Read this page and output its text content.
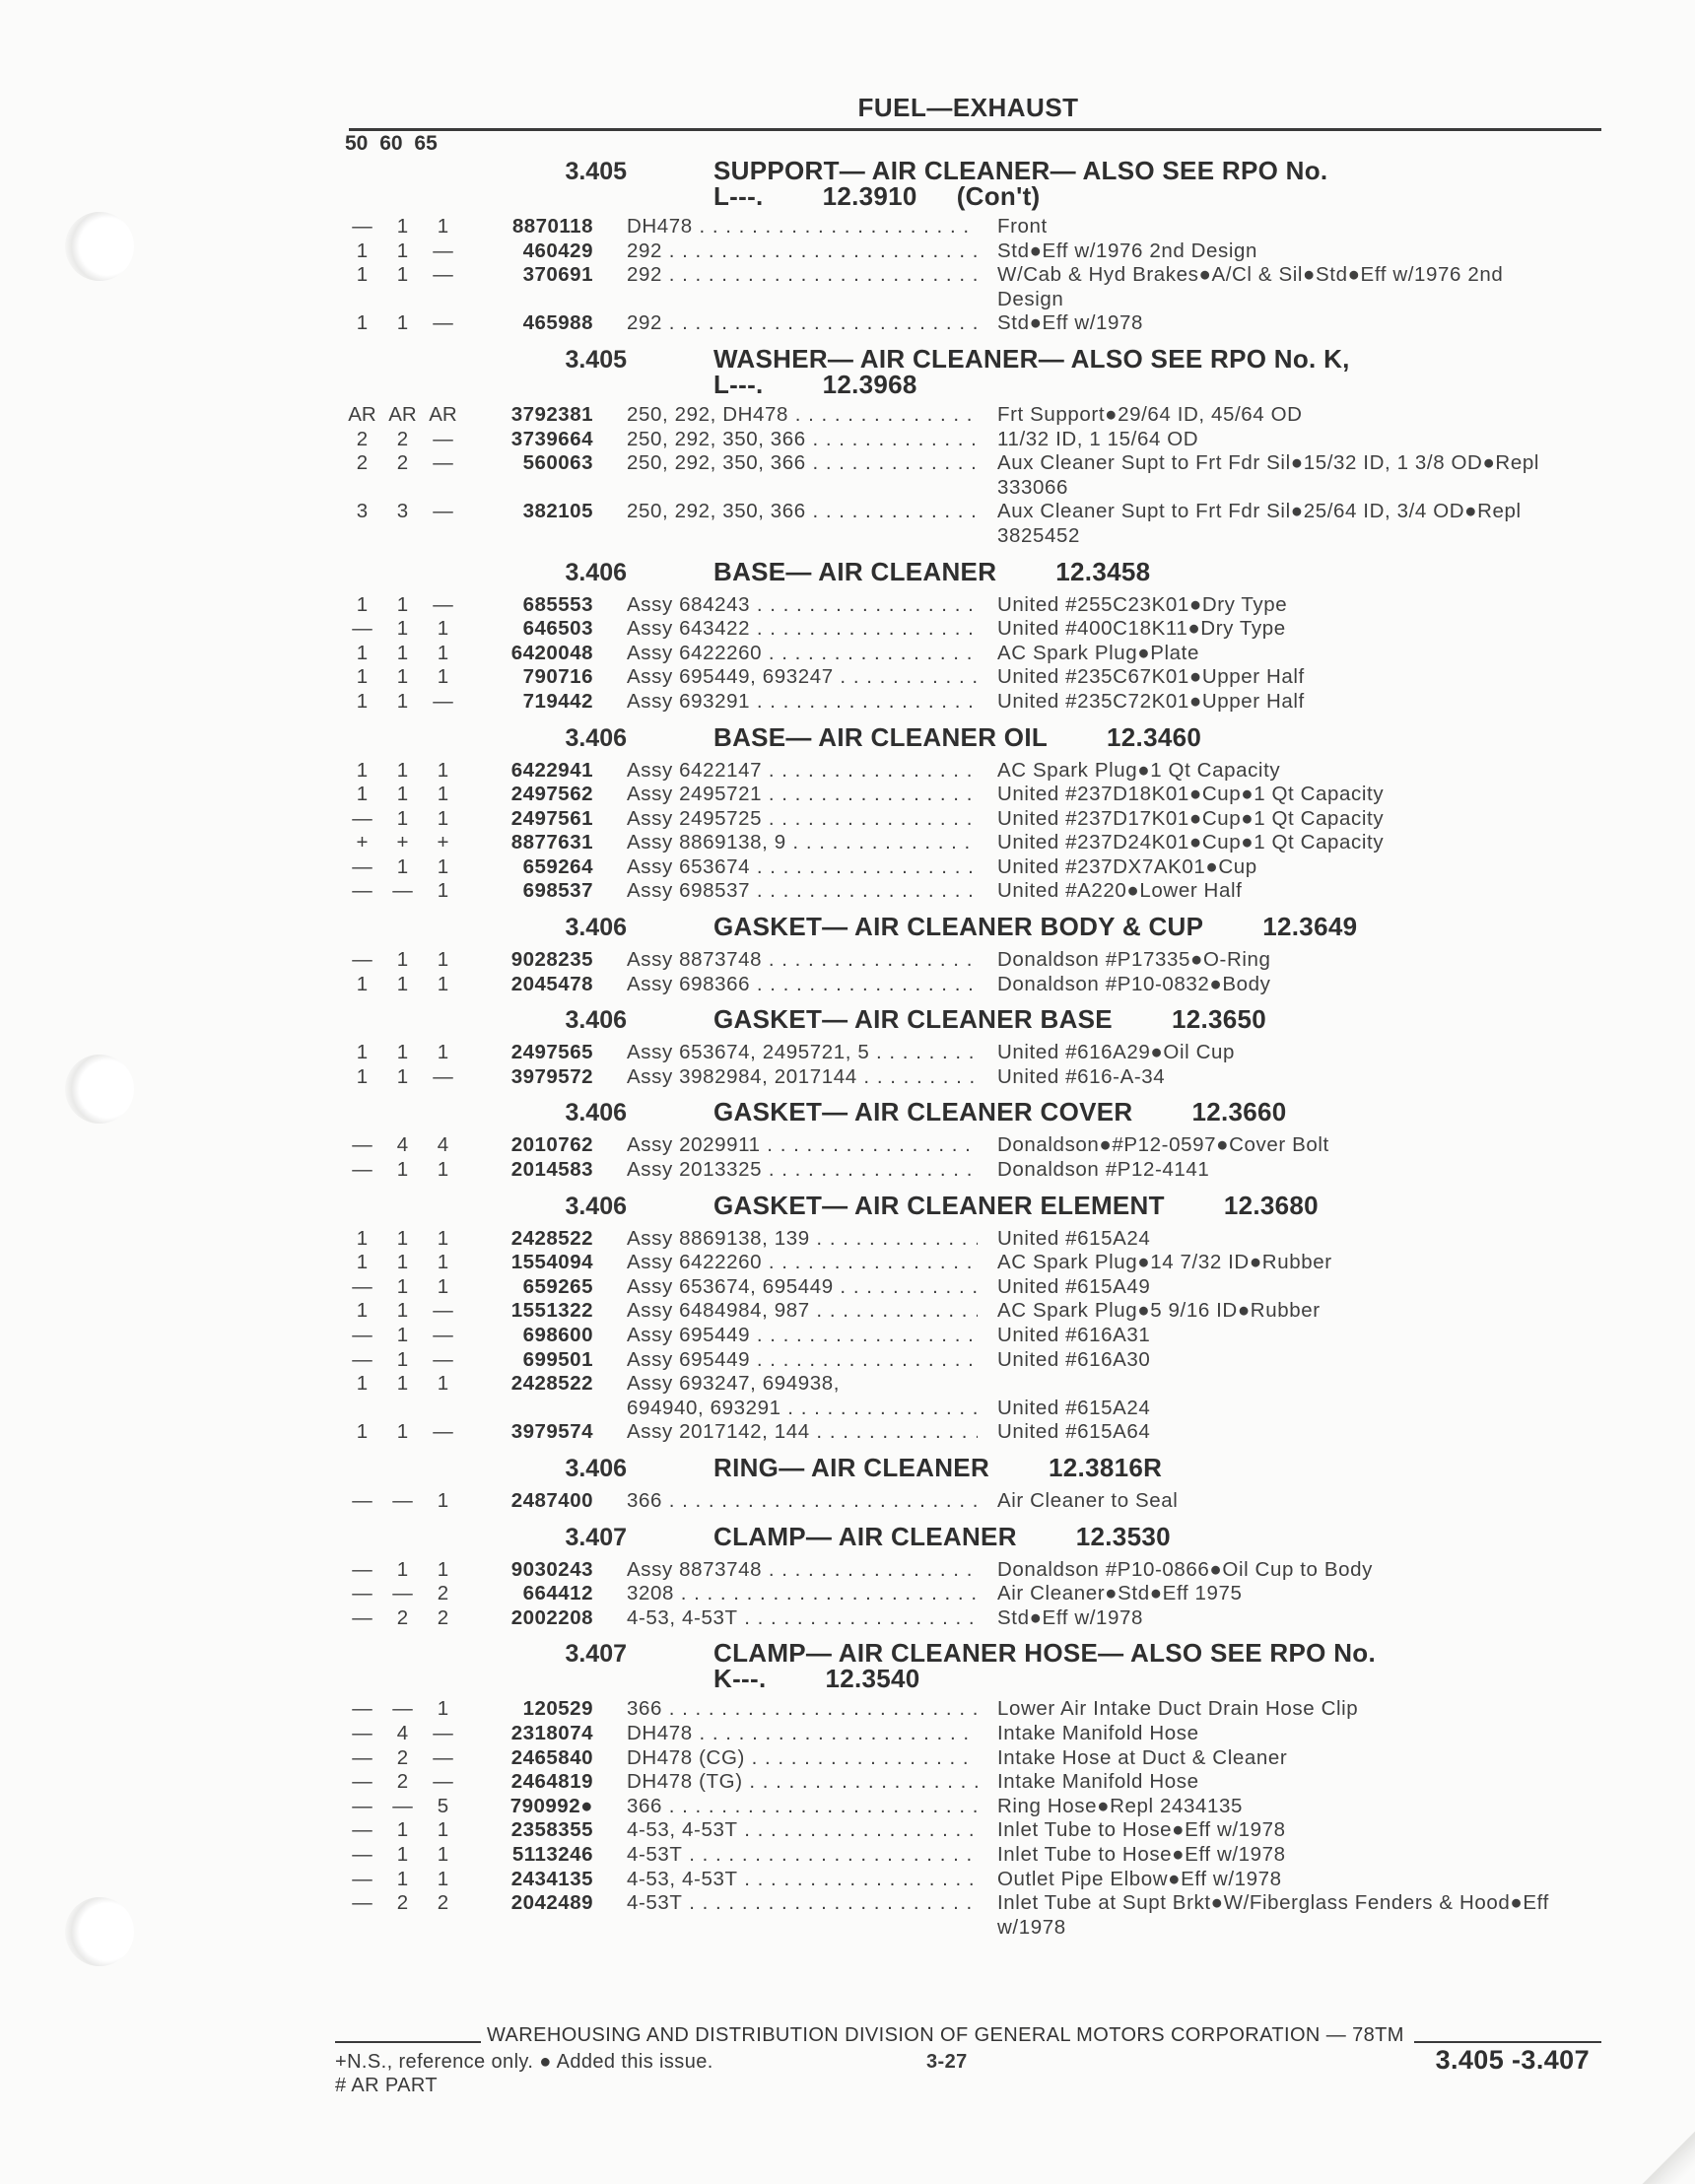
FUEL—EXHAUST
50 60 65
3.405	SUPPORT— AIR CLEANER— ALSO SEE RPO No.
L---. 12.3910 (Con't)
—	1	1	8870118 DH478 . . .	Front
1	1	—	460429 292 . . .	Std●Eff w/1976 2nd Design
1	1	—	370691 292 . . .	W/Cab & Hyd Brakes●A/Cl & Sil●Std●Eff w/1976 2nd Design
1	1	—	465988 292 . . .	Std●Eff w/1978
3.405	WASHER— AIR CLEANER— ALSO SEE RPO No. K,
L---. 12.3968
AR AR AR	3792381 250, 292, DH478 . . .	Frt Support●29/64 ID, 45/64 OD
2	2	—	3739664 250, 292, 350, 366 . . .	11/32 ID, 1 15/64 OD
2	2	—	560063 250, 292, 350, 366 . . .	Aux Cleaner Supt to Frt Fdr Sil●15/32 ID, 1 3/8 OD●Repl 333066
3	3	—	382105 250, 292, 350, 366 . . .	Aux Cleaner Supt to Frt Fdr Sil●25/64 ID, 3/4 OD●Repl 3825452
3.406	BASE— AIR CLEANER 12.3458
1	1	—	685553 Assy 684243 . . .	United #255C23K01●Dry Type
—	1	1	646503 Assy 643422 . . .	United #400C18K11●Dry Type
1	1	1	6420048 Assy 6422260 . . .	AC Spark Plug●Plate
1	1	1	790716 Assy 695449, 693247 . . .	United #235C67K01●Upper Half
1	1	—	719442 Assy 693291 . . .	United #235C72K01●Upper Half
3.406	BASE— AIR CLEANER OIL 12.3460
1	1	1	6422941 Assy 6422147 . . .	AC Spark Plug●1 Qt Capacity
1	1	1	2497562 Assy 2495721 . . .	United #237D18K01●Cup●1 Qt Capacity
—	1	1	2497561 Assy 2495725 . . .	United #237D17K01●Cup●1 Qt Capacity
+	+	+	8877631 Assy 8869138, 9 . . .	United #237D24K01●Cup●1 Qt Capacity
—	1	1	659264 Assy 653674 . . .	United #237DX7AK01●Cup
—	—	1	698537 Assy 698537 . . .	United #A220●Lower Half
3.406	GASKET— AIR CLEANER BODY & CUP 12.3649
—	1	1	9028235 Assy 8873748 . . .	Donaldson #P17335●O-Ring
1	1	1	2045478 Assy 698366 . . .	Donaldson #P10-0832●Body
3.406	GASKET— AIR CLEANER BASE 12.3650
1	1	1	2497565 Assy 653674, 2495721, 5 . . .	United #616A29●Oil Cup
1	1	—	3979572 Assy 3982984, 2017144 . . .	United #616-A-34
3.406	GASKET— AIR CLEANER COVER 12.3660
—	4	4	2010762 Assy 2029911 . . .	Donaldson●#P12-0597●Cover Bolt
—	1	1	2014583 Assy 2013325 . . .	Donaldson #P12-4141
3.406	GASKET— AIR CLEANER ELEMENT 12.3680
1	1	1	2428522 Assy 8869138, 139 . . .	United #615A24
1	1	1	1554094 Assy 6422260 . . .	AC Spark Plug●14 7/32 ID●Rubber
—	1	1	659265 Assy 653674, 695449 . . .	United #615A49
1	1	—	1551322 Assy 6484984, 987 . . .	AC Spark Plug●5 9/16 ID●Rubber
—	1	—	698600 Assy 695449 . . .	United #616A31
—	1	—	699501 Assy 695449 . . .	United #616A30
1	1	1	2428522 Assy 693247, 694938,
694940, 693291 . . .	United #615A24
1	1	—	3979574 Assy 2017142, 144 . . .	United #615A64
3.406	RING— AIR CLEANER 12.3816R
—	—	1	2487400 366 . . .	Air Cleaner to Seal
3.407	CLAMP— AIR CLEANER 12.3530
—	1	1	9030243 Assy 8873748 . . .	Donaldson #P10-0866●Oil Cup to Body
—	—	2	664412 3208 . . .	Air Cleaner●Std●Eff 1975
—	2	2	2002208 4-53, 4-53T . . .	Std●Eff w/1978
3.407	CLAMP— AIR CLEANER HOSE— ALSO SEE RPO No.
K---. 12.3540
—	—	1	120529 366 . . .	Lower Air Intake Duct Drain Hose Clip
—	4	—	2318074 DH478 . . .	Intake Manifold Hose
—	2	—	2465840 DH478 (CG) . . .	Intake Hose at Duct & Cleaner
—	2	—	2464819 DH478 (TG) . . .	Intake Manifold Hose
—	—	5	790992● 366 . . .	Ring Hose●Repl 2434135
—	1	1	2358355 4-53, 4-53T . . .	Inlet Tube to Hose●Eff w/1978
—	1	1	5113246 4-53T . . .	Inlet Tube to Hose●Eff w/1978
—	1	1	2434135 4-53, 4-53T . . .	Outlet Pipe Elbow●Eff w/1978
—	2	2	2042489 4-53T . . .	Inlet Tube at Supt Brkt●W/Fiberglass Fenders & Hood●Eff w/1978
WAREHOUSING AND DISTRIBUTION DIVISION OF GENERAL MOTORS CORPORATION — 78TM
+N.S., reference only. ● Added this issue.
# AR PART
3-27	3.405 -3.407
